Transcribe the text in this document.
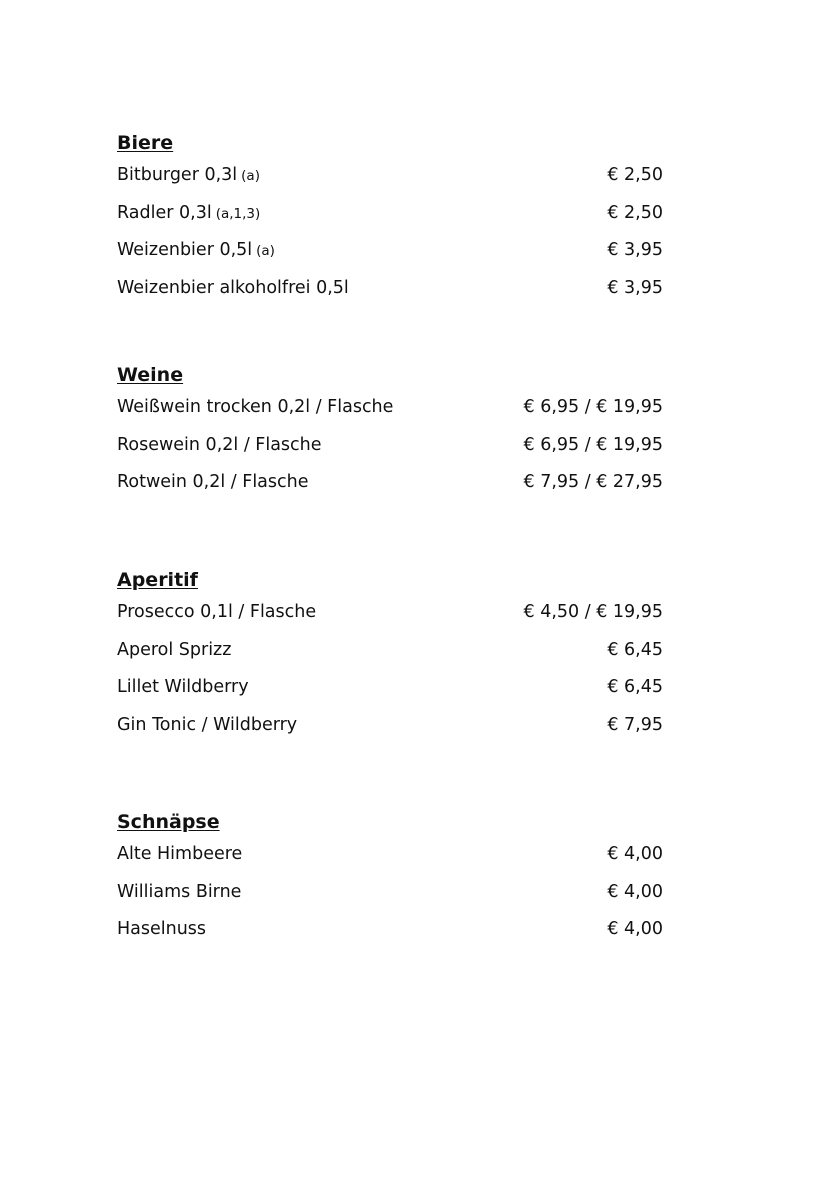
Biere
Bitburger 0,3l (a)	€ 2,50
Radler 0,3l (a,1,3)	€ 2,50
Weizenbier 0,5l (a)	€ 3,95
Weizenbier alkoholfrei 0,5l	€ 3,95
Weine
Weißwein trocken 0,2l / Flasche	€ 6,95 / € 19,95
Rosewein 0,2l / Flasche	€ 6,95 / € 19,95
Rotwein 0,2l / Flasche	€ 7,95 / € 27,95
Aperitif
Prosecco 0,1l / Flasche	€ 4,50 / € 19,95
Aperol Sprizz	€ 6,45
Lillet Wildberry	€ 6,45
Gin Tonic / Wildberry	€ 7,95
Schnäpse
Alte Himbeere	€ 4,00
Williams Birne	€ 4,00
Haselnuss	€ 4,00
